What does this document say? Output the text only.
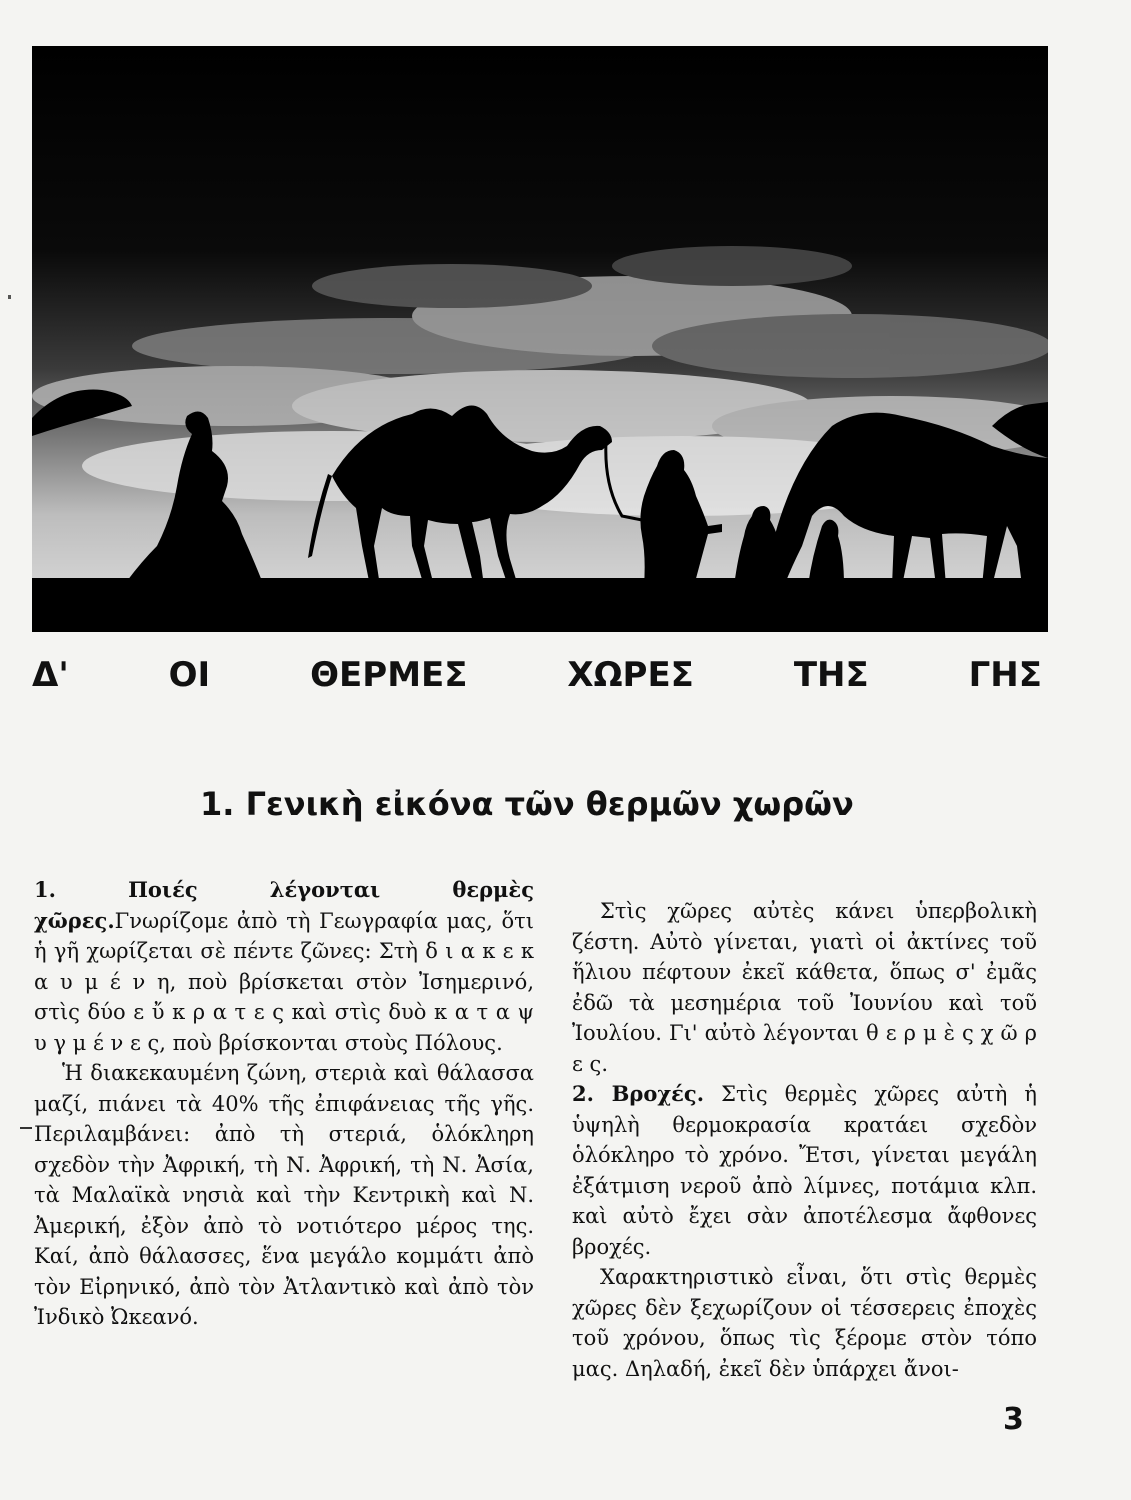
Δ'	ΟΙ	ΘΕΡΜΕΣ	ΧΩΡΕΣ	ΤΗΣ	ΓΗΣ
1. Γενικὴ εἰκόνα τῶν θερμῶν χωρῶν

1. Ποιές λέγονται θερμὲς χῶρες.Γνωρίζομε ἀπὸ τὴ Γεωγραφία μας, ὅτι ἡ γῆ χωρίζεται σὲ πέντε ζῶνες: Στὴ δ ι α κ ε κ α υ μ έ ν η, ποὺ βρίσκεται στὸν Ἰσημερινό, στὶς δύο ε ὔ κ ρ α τ ε ς καὶ στὶς δυὸ κ α τ α ψ υ γ μ έ ν ε ς, ποὺ βρίσκονται στοὺς Πόλους.

Ἡ διακεκαυμένη ζώνη, στεριὰ καὶ θάλασσα μαζί, πιάνει τὰ 40% τῆς ἐπιφάνειας τῆς γῆς. Περιλαμβάνει: ἀπὸ τὴ στεριά, ὁλόκληρη σχεδὸν τὴν Ἀφρική, τὴ Ν. Ἀφρική, τὴ Ν. Ἀσία, τὰ Μαλαϊκὰ νησιὰ καὶ τὴν Κεντρικὴ καὶ Ν. Ἀμερική, ἐξὸν ἀπὸ τὸ νοτιότερο μέρος της. Καί, ἀπὸ θάλασσες, ἕνα μεγάλο κομμάτι ἀπὸ τὸν Εἰρηνικό, ἀπὸ τὸν Ἀτλαντικὸ καὶ ἀπὸ τὸν Ἰνδικὸ Ὠκεανό.

Στὶς χῶρες αὐτὲς κάνει ὑπερβολικὴ ζέστη. Αὐτὸ γίνεται, γιατὶ οἱ ἀκτίνες τοῦ ἥλιου πέφτουν ἐκεῖ κάθετα, ὅπως σ' ἐμᾶς ἐδῶ τὰ μεσημέρια τοῦ Ἰουνίου καὶ τοῦ Ἰουλίου. Γι' αὐτὸ λέγονται θ ε ρ μ ὲ ς χ ῶ ρ ε ς.

2. Βροχές. Στὶς θερμὲς χῶρες αὐτὴ ἡ ὑψηλὴ θερμοκρασία κρατάει σχεδὸν ὁλόκληρο τὸ χρόνο. Ἔτσι, γίνεται μεγάλη ἐξάτμιση νεροῦ ἀπὸ λίμνες, ποτάμια κλπ. καὶ αὐτὸ ἔχει σὰν ἀποτέλεσμα ἄφθονες βροχές.

Χαρακτηριστικὸ εἶναι, ὅτι στὶς θερμὲς χῶρες δὲν ξεχωρίζουν οἱ τέσσερεις ἐποχὲς τοῦ χρόνου, ὅπως τὶς ξέρομε στὸν τόπο μας. Δηλαδή, ἐκεῖ δὲν ὑπάρχει ἄνοι-

3
